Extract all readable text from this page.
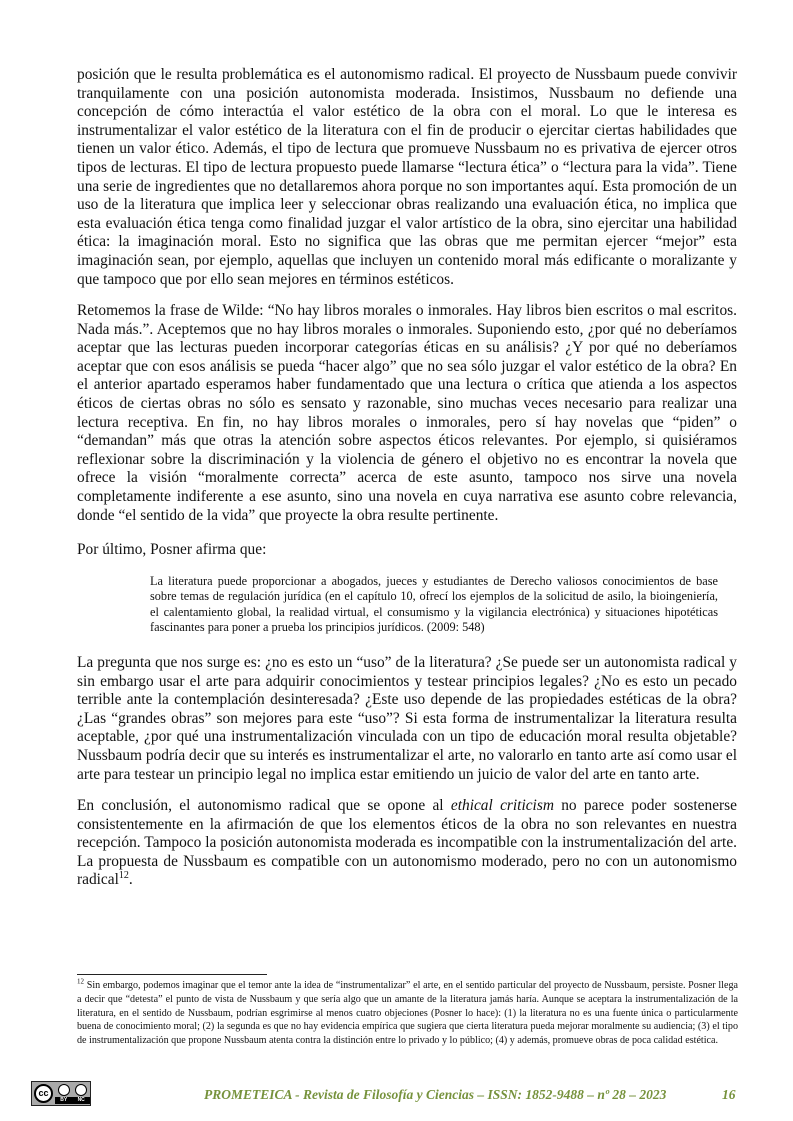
posición que le resulta problemática es el autonomismo radical. El proyecto de Nussbaum puede convivir tranquilamente con una posición autonomista moderada. Insistimos, Nussbaum no defiende una concepción de cómo interactúa el valor estético de la obra con el moral. Lo que le interesa es instrumentalizar el valor estético de la literatura con el fin de producir o ejercitar ciertas habilidades que tienen un valor ético. Además, el tipo de lectura que promueve Nussbaum no es privativa de ejercer otros tipos de lecturas. El tipo de lectura propuesto puede llamarse “lectura ética” o “lectura para la vida”. Tiene una serie de ingredientes que no detallaremos ahora porque no son importantes aquí. Esta promoción de un uso de la literatura que implica leer y seleccionar obras realizando una evaluación ética, no implica que esta evaluación ética tenga como finalidad juzgar el valor artístico de la obra, sino ejercitar una habilidad ética: la imaginación moral. Esto no significa que las obras que me permitan ejercer “mejor” esta imaginación sean, por ejemplo, aquellas que incluyen un contenido moral más edificante o moralizante y que tampoco que por ello sean mejores en términos estéticos.

Retomemos la frase de Wilde: “No hay libros morales o inmorales. Hay libros bien escritos o mal escritos. Nada más.”. Aceptemos que no hay libros morales o inmorales. Suponiendo esto, ¿por qué no deberíamos aceptar que las lecturas pueden incorporar categorías éticas en su análisis? ¿Y por qué no deberíamos aceptar que con esos análisis se pueda “hacer algo” que no sea sólo juzgar el valor estético de la obra? En el anterior apartado esperamos haber fundamentado que una lectura o crítica que atienda a los aspectos éticos de ciertas obras no sólo es sensato y razonable, sino muchas veces necesario para realizar una lectura receptiva. En fin, no hay libros morales o inmorales, pero sí hay novelas que “piden” o “demandan” más que otras la atención sobre aspectos éticos relevantes. Por ejemplo, si quisiéramos reflexionar sobre la discriminación y la violencia de género el objetivo no es encontrar la novela que ofrece la visión “moralmente correcta” acerca de este asunto, tampoco nos sirve una novela completamente indiferente a ese asunto, sino una novela en cuya narrativa ese asunto cobre relevancia, donde “el sentido de la vida” que proyecte la obra resulte pertinente.

Por último, Posner afirma que:

La literatura puede proporcionar a abogados, jueces y estudiantes de Derecho valiosos conocimientos de base sobre temas de regulación jurídica (en el capítulo 10, ofrecí los ejemplos de la solicitud de asilo, la bioingeniería, el calentamiento global, la realidad virtual, el consumismo y la vigilancia electrónica) y situaciones hipotéticas fascinantes para poner a prueba los principios jurídicos. (2009: 548)

La pregunta que nos surge es: ¿no es esto un “uso” de la literatura? ¿Se puede ser un autonomista radical y sin embargo usar el arte para adquirir conocimientos y testear principios legales? ¿No es esto un pecado terrible ante la contemplación desinteresada? ¿Este uso depende de las propiedades estéticas de la obra? ¿Las “grandes obras” son mejores para este “uso”? Si esta forma de instrumentalizar la literatura resulta aceptable, ¿por qué una instrumentalización vinculada con un tipo de educación moral resulta objetable? Nussbaum podría decir que su interés es instrumentalizar el arte, no valorarlo en tanto arte así como usar el arte para testear un principio legal no implica estar emitiendo un juicio de valor del arte en tanto arte.

En conclusión, el autonomismo radical que se opone al ethical criticism no parece poder sostenerse consistentemente en la afirmación de que los elementos éticos de la obra no son relevantes en nuestra recepción. Tampoco la posición autonomista moderada es incompatible con la instrumentalización del arte. La propuesta de Nussbaum es compatible con un autonomismo moderado, pero no con un autonomismo radical$^{12}$.

$^{12}$ Sin embargo, podemos imaginar que el temor ante la idea de “instrumentalizar” el arte, en el sentido particular del proyecto de Nussbaum, persiste. Posner llega a decir que “detesta” el punto de vista de Nussbaum y que sería algo que un amante de la literatura jamás haría. Aunque se aceptara la instrumentalización de la literatura, en el sentido de Nussbaum, podrían esgrimirse al menos cuatro objeciones (Posner lo hace): (1) la literatura no es una fuente única o particularmente buena de conocimiento moral; (2) la segunda es que no hay evidencia empírica que sugiera que cierta literatura pueda mejorar moralmente su audiencia; (3) el tipo de instrumentalización que propone Nussbaum atenta contra la distinción entre lo privado y lo público; (4) y además, promueve obras de poca calidad estética.

cc
BY NC	PROMETEICA - Revista de Filosofía y Ciencias – ISSN: 1852-9488 – nº 28 – 2023	16
